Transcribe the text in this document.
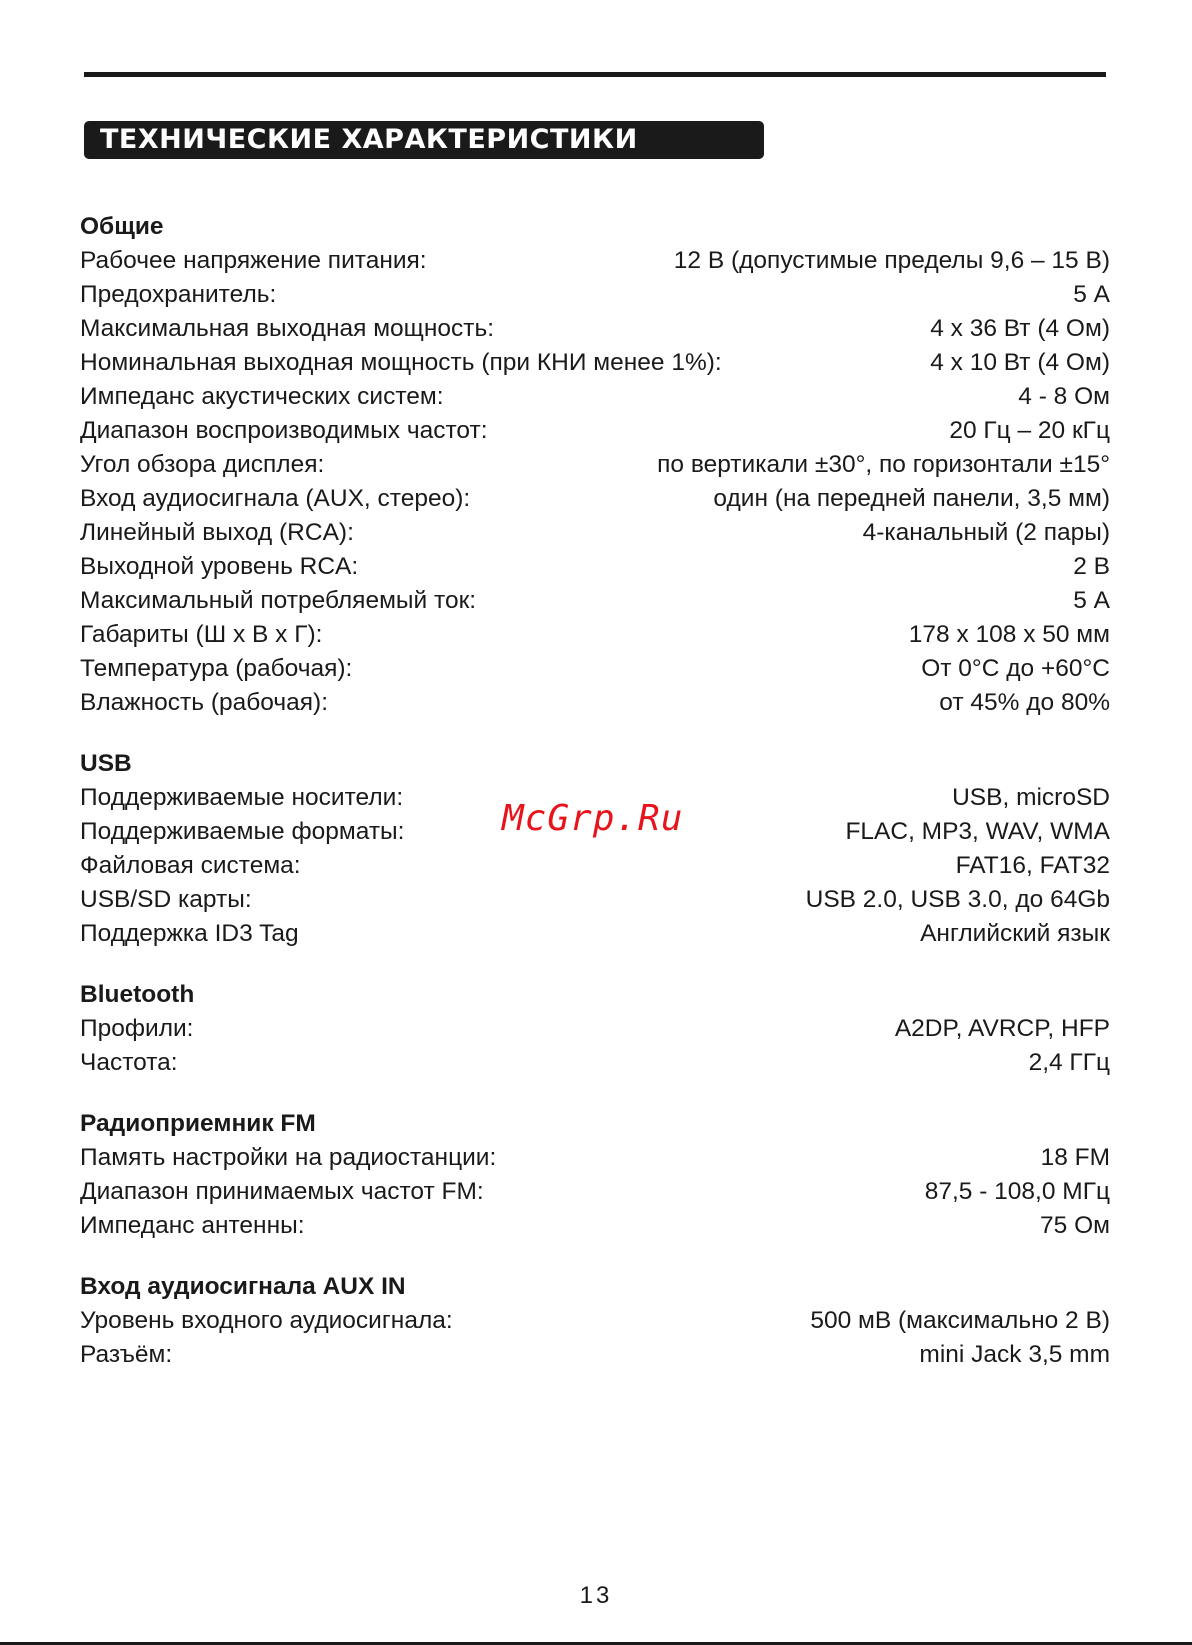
ТЕХНИЧЕСКИЕ ХАРАКТЕРИСТИКИ
Общие
Рабочее напряжение питания:	12 В (допустимые пределы 9,6 – 15 В)
Предохранитель:	5 А
Максимальная выходная мощность:	4 х 36 Вт (4 Ом)
Номинальная выходная мощность (при КНИ менее 1%):	4 х 10 Вт (4 Ом)
Импеданс акустических систем:	4 - 8 Ом
Диапазон воспроизводимых частот:	20 Гц – 20 кГц
Угол обзора дисплея:	по вертикали ±30°, по горизонтали ±15°
Вход аудиосигнала (AUX, стерео):	один (на передней панели, 3,5 мм)
Линейный выход (RCA):	4-канальный (2 пары)
Выходной уровень RCA:	2 В
Максимальный потребляемый ток:	5 А
Габариты (Ш х В х Г):	178 х 108 х 50 мм
Температура (рабочая):	От 0°С до +60°С
Влажность (рабочая):	от 45% до 80%
USB
Поддерживаемые носители:	USB, microSD
Поддерживаемые форматы:	FLAC, MP3, WAV, WMA
Файловая система:	FAT16, FAT32
USB/SD карты:	USB 2.0, USB 3.0, до 64Gb
Поддержка ID3 Tag	Английский язык
Bluetooth
Профили:	A2DP, AVRCP, HFP
Частота:	2,4 ГГц
Радиоприемник FM
Память настройки на радиостанции:	18 FM
Диапазон принимаемых частот FM:	87,5 - 108,0 МГц
Импеданс антенны:	75 Ом
Вход аудиосигнала AUX IN
Уровень входного аудиосигнала:	500 мВ (максимально 2 В)
Разъём:	mini Jack 3,5 mm
McGrp.Ru
13
